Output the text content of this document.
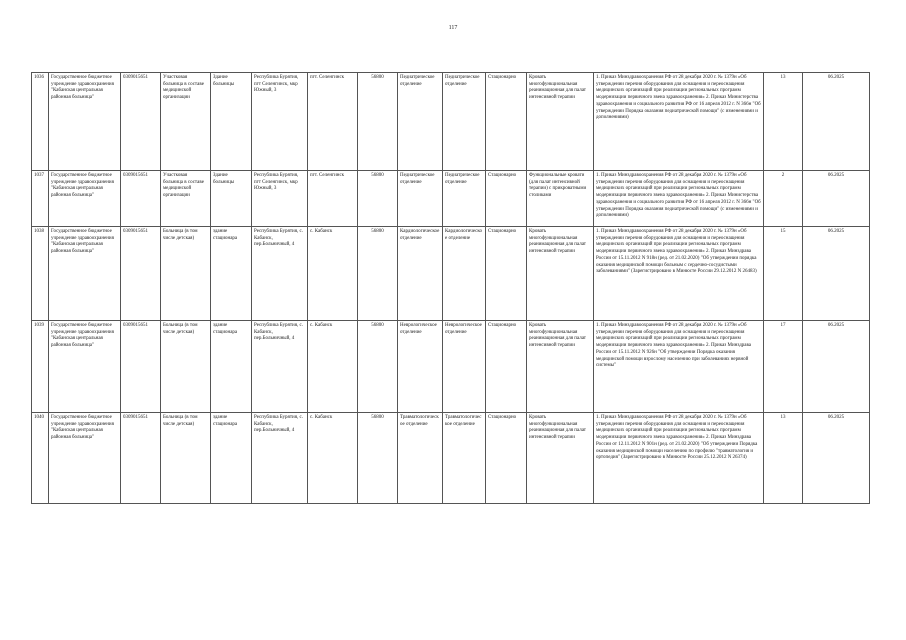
117
1036	Государственное бюджетное учреждение здравоохранения "Кабанская центральная районная больница"	0309015651	Участковая больница в составе медицинской организации	Здание больницы	Республика Бурятия, пгт Селенгинск, мкр Южный, 3	пгт. Селенгинск	56800	Педиатрическое отделение	Педиатрическое отделение	Стационарно	Кровать многофункциональная реанимационная для палат интенсивной терапии	1. Приказ Минздравоохранения РФ от 28 декабря 2020 г. № 1379н «Об утверждении перечня оборудования для оснащения и переоснащения медицинских организаций при реализации региональных программ модернизации первичного звена здравоохранения» 2. Приказ Министерства здравоохранения и социального развития РФ от 16 апреля 2012 г. N 366н "Об утверждении Порядка оказания педиатрической помощи" (с изменениями и дополнениями)	13	06.2025
1037	Государственное бюджетное учреждение здравоохранения "Кабанская центральная районная больница"	0309015651	Участковая больница в составе медицинской организации	Здание больницы	Республика Бурятия, пгт Селенгинск, мкр Южный, 3	пгт. Селенгинск	56800	Педиатрическое отделение	Педиатрическое отделение	Стационарно	Функциональные кровати (для палат интенсивной терапии) с прикроватными столиками	1. Приказ Минздравоохранения РФ от 28 декабря 2020 г. № 1379н «Об утверждении перечня оборудования для оснащения и переоснащения медицинских организаций при реализации региональных программ модернизации первичного звена здравоохранения» 2. Приказ Министерства здравоохранения и социального развития РФ от 16 апреля 2012 г. N 366н "Об утверждении Порядка оказания педиатрической помощи" (с изменениями и дополнениями)	2	06.2025
1038	Государственное бюджетное учреждение здравоохранения "Кабанская центральная районная больница"	0309015651	Больница (в том числе детская)	здание стационара	Республика Бурятия, с. Кабанск, пер.Больничный, 4	с. Кабанск	56800	Кардиологическое отделение	Кардиологическое отделение	Стационарно	Кровать многофункциональная реанимационная для палат интенсивной терапии	1. Приказ Минздравоохранения РФ от 28 декабря 2020 г. № 1379н «Об утверждении перечня оборудования для оснащения и переоснащения медицинских организаций при реализации региональных программ модернизации первичного звена здравоохранения» 2. Приказ Минздрава России от 15.11.2012 N 918н (ред. от 21.02.2020) "Об утверждении порядка оказания медицинской помощи больным с сердечно-сосудистыми заболеваниями" (Зарегистрировано в Минюсте России 29.12.2012 N 26483)	15	06.2025
1039	Государственное бюджетное учреждение здравоохранения "Кабанская центральная районная больница"	0309015651	Больница (в том числе детская)	здание стационара	Республика Бурятия, с. Кабанск, пер.Больничный, 4	с. Кабанск	56800	Неврологическое отделение	Неврологическое отделение	Стационарно	Кровать многофункциональная реанимационная для палат интенсивной терапии	1. Приказ Минздравоохранения РФ от 28 декабря 2020 г. № 1379н «Об утверждении перечня оборудования для оснащения и переоснащения медицинских организаций при реализации региональных программ модернизации первичного звена здравоохранения» 2. Приказ Минздрава России от 15.11.2012 N 926н "Об утверждении Порядка оказания медицинской помощи взрослому населению при заболеваниях нервной системы"	17	06.2025
1040	Государственное бюджетное учреждение здравоохранения "Кабанская центральная районная больница"	0309015651	Больница (в том числе детская)	здание стационара	Республика Бурятия, с. Кабанск, пер.Больничный, 4	с. Кабанск	56800	Травматологическое отделение	Травматологическое отделение	Стационарно	Кровать многофункциональная реанимационная для палат интенсивной терапии	1. Приказ Минздравоохранения РФ от 28 декабря 2020 г. № 1379н «Об утверждении перечня оборудования для оснащения и переоснащения медицинских организаций при реализации региональных программ модернизации первичного звена здравоохранения» 2. Приказ Минздрава России от 12.11.2012 N 901н (ред. от 21.02.2020) "Об утверждении Порядка оказания медицинской помощи населению по профилю "травматология и ортопедия" (Зарегистрировано в Минюсте России 25.12.2012 N 26374)	13	06.2025
